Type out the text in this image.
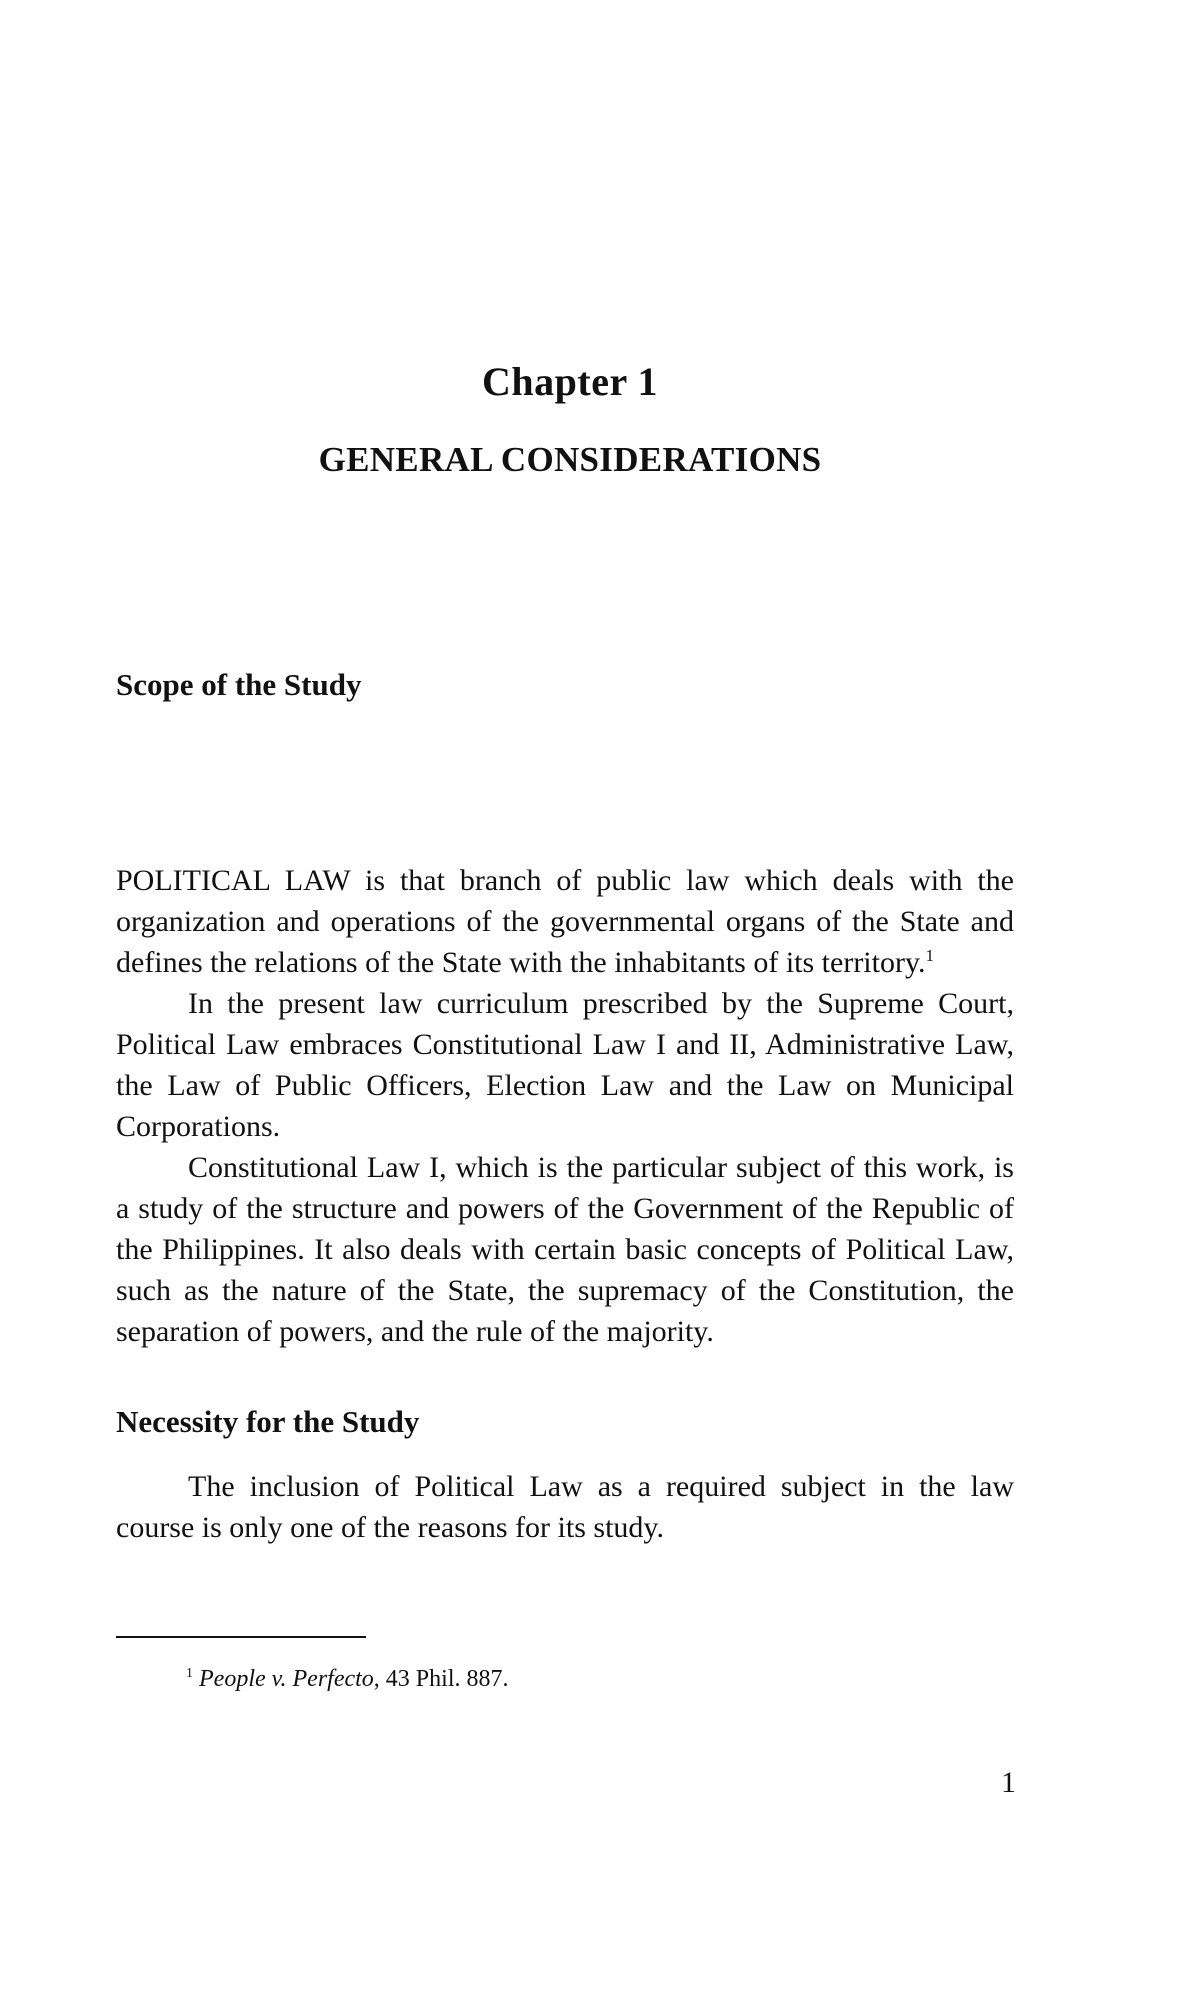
Chapter 1
GENERAL CONSIDERATIONS

Scope of the Study

POLITICAL LAW is that branch of public law which deals with the organization and operations of the governmental organs of the State and defines the relations of the State with the inhabitants of its territory.$^1$

In the present law curriculum prescribed by the Supreme Court, Political Law embraces Constitutional Law I and II, Administrative Law, the Law of Public Officers, Election Law and the Law on Municipal Corporations.

Constitutional Law I, which is the particular subject of this work, is a study of the structure and powers of the Government of the Republic of the Philippines. It also deals with certain basic concepts of Political Law, such as the nature of the State, the supremacy of the Constitution, the separation of powers, and the rule of the majority.

Necessity for the Study

The inclusion of Political Law as a required subject in the law course is only one of the reasons for its study.

$^1$ People v. Perfecto, 43 Phil. 887.
1
